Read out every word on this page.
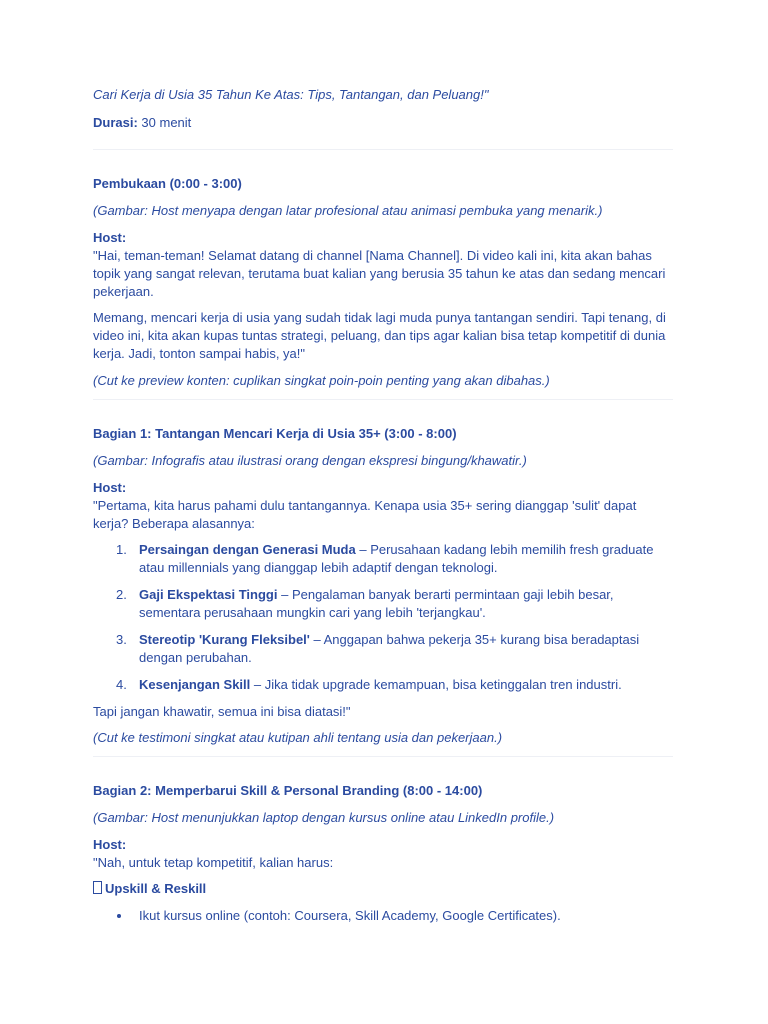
Cari Kerja di Usia 35 Tahun Ke Atas: Tips, Tantangan, dan Peluang!"

Durasi: 30 menit

Pembukaan (0:00 - 3:00)

(Gambar: Host menyapa dengan latar profesional atau animasi pembuka yang menarik.)

Host:

"Hai, teman-teman! Selamat datang di channel [Nama Channel]. Di video kali ini, kita akan bahas topik yang sangat relevan, terutama buat kalian yang berusia 35 tahun ke atas dan sedang mencari pekerjaan.

Memang, mencari kerja di usia yang sudah tidak lagi muda punya tantangan sendiri. Tapi tenang, di video ini, kita akan kupas tuntas strategi, peluang, dan tips agar kalian bisa tetap kompetitif di dunia kerja. Jadi, tonton sampai habis, ya!"

(Cut ke preview konten: cuplikan singkat poin-poin penting yang akan dibahas.)

Bagian 1: Tantangan Mencari Kerja di Usia 35+ (3:00 - 8:00)

(Gambar: Infografis atau ilustrasi orang dengan ekspresi bingung/khawatir.)

Host:

"Pertama, kita harus pahami dulu tantangannya. Kenapa usia 35+ sering dianggap 'sulit' dapat kerja? Beberapa alasannya:

1. Persaingan dengan Generasi Muda – Perusahaan kadang lebih memilih fresh graduate atau millennials yang dianggap lebih adaptif dengan teknologi.
2. Gaji Ekspektasi Tinggi – Pengalaman banyak berarti permintaan gaji lebih besar, sementara perusahaan mungkin cari yang lebih 'terjangkau'.
3. Stereotip 'Kurang Fleksibel' – Anggapan bahwa pekerja 35+ kurang bisa beradaptasi dengan perubahan.
4. Kesenjangan Skill – Jika tidak upgrade kemampuan, bisa ketinggalan tren industri.

Tapi jangan khawatir, semua ini bisa diatasi!"

(Cut ke testimoni singkat atau kutipan ahli tentang usia dan pekerjaan.)

Bagian 2: Memperbarui Skill & Personal Branding (8:00 - 14:00)

(Gambar: Host menunjukkan laptop dengan kursus online atau LinkedIn profile.)

Host:

"Nah, untuk tetap kompetitif, kalian harus:

Upskill & Reskill

Ikut kursus online (contoh: Coursera, Skill Academy, Google Certificates).
